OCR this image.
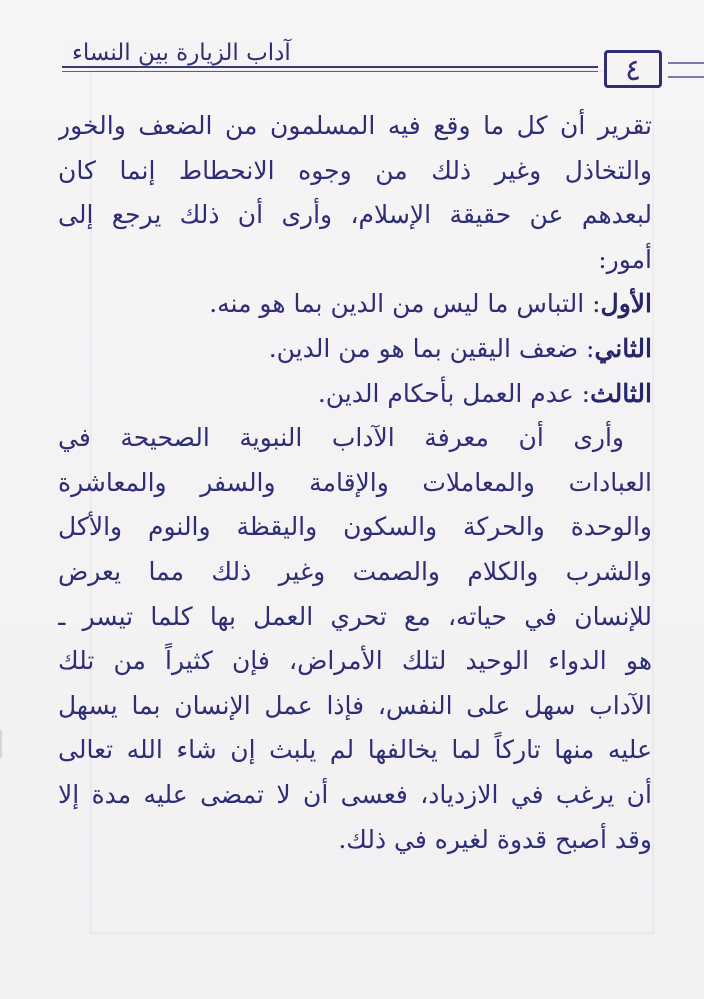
٤
آداب الزيارة بين النساء
تقرير أن كل ما وقع فيه المسلمون من الضعف والخور
والتخاذل وغير ذلك من وجوه الانحطاط إنما كان
لبعدهم عن حقيقة الإسلام، وأرى أن ذلك يرجع إلى
أمور:
الأول: التباس ما ليس من الدين بما هو منه.
الثاني: ضعف اليقين بما هو من الدين.
الثالث: عدم العمل بأحكام الدين.
وأرى أن معرفة الآداب النبوية الصحيحة في
العبادات والمعاملات والإقامة والسفر والمعاشرة
والوحدة والحركة والسكون واليقظة والنوم والأكل
والشرب والكلام والصمت وغير ذلك مما يعرض
للإنسان في حياته، مع تحري العمل بها كلما تيسر ـ
هو الدواء الوحيد لتلك الأمراض، فإن كثيراً من تلك
الآداب سهل على النفس، فإذا عمل الإنسان بما يسهل
عليه منها تاركاً لما يخالفها لم يلبث إن شاء الله تعالى
أن يرغب في الازدياد، فعسى أن لا تمضى عليه مدة إلا
وقد أصبح قدوة لغيره في ذلك.
